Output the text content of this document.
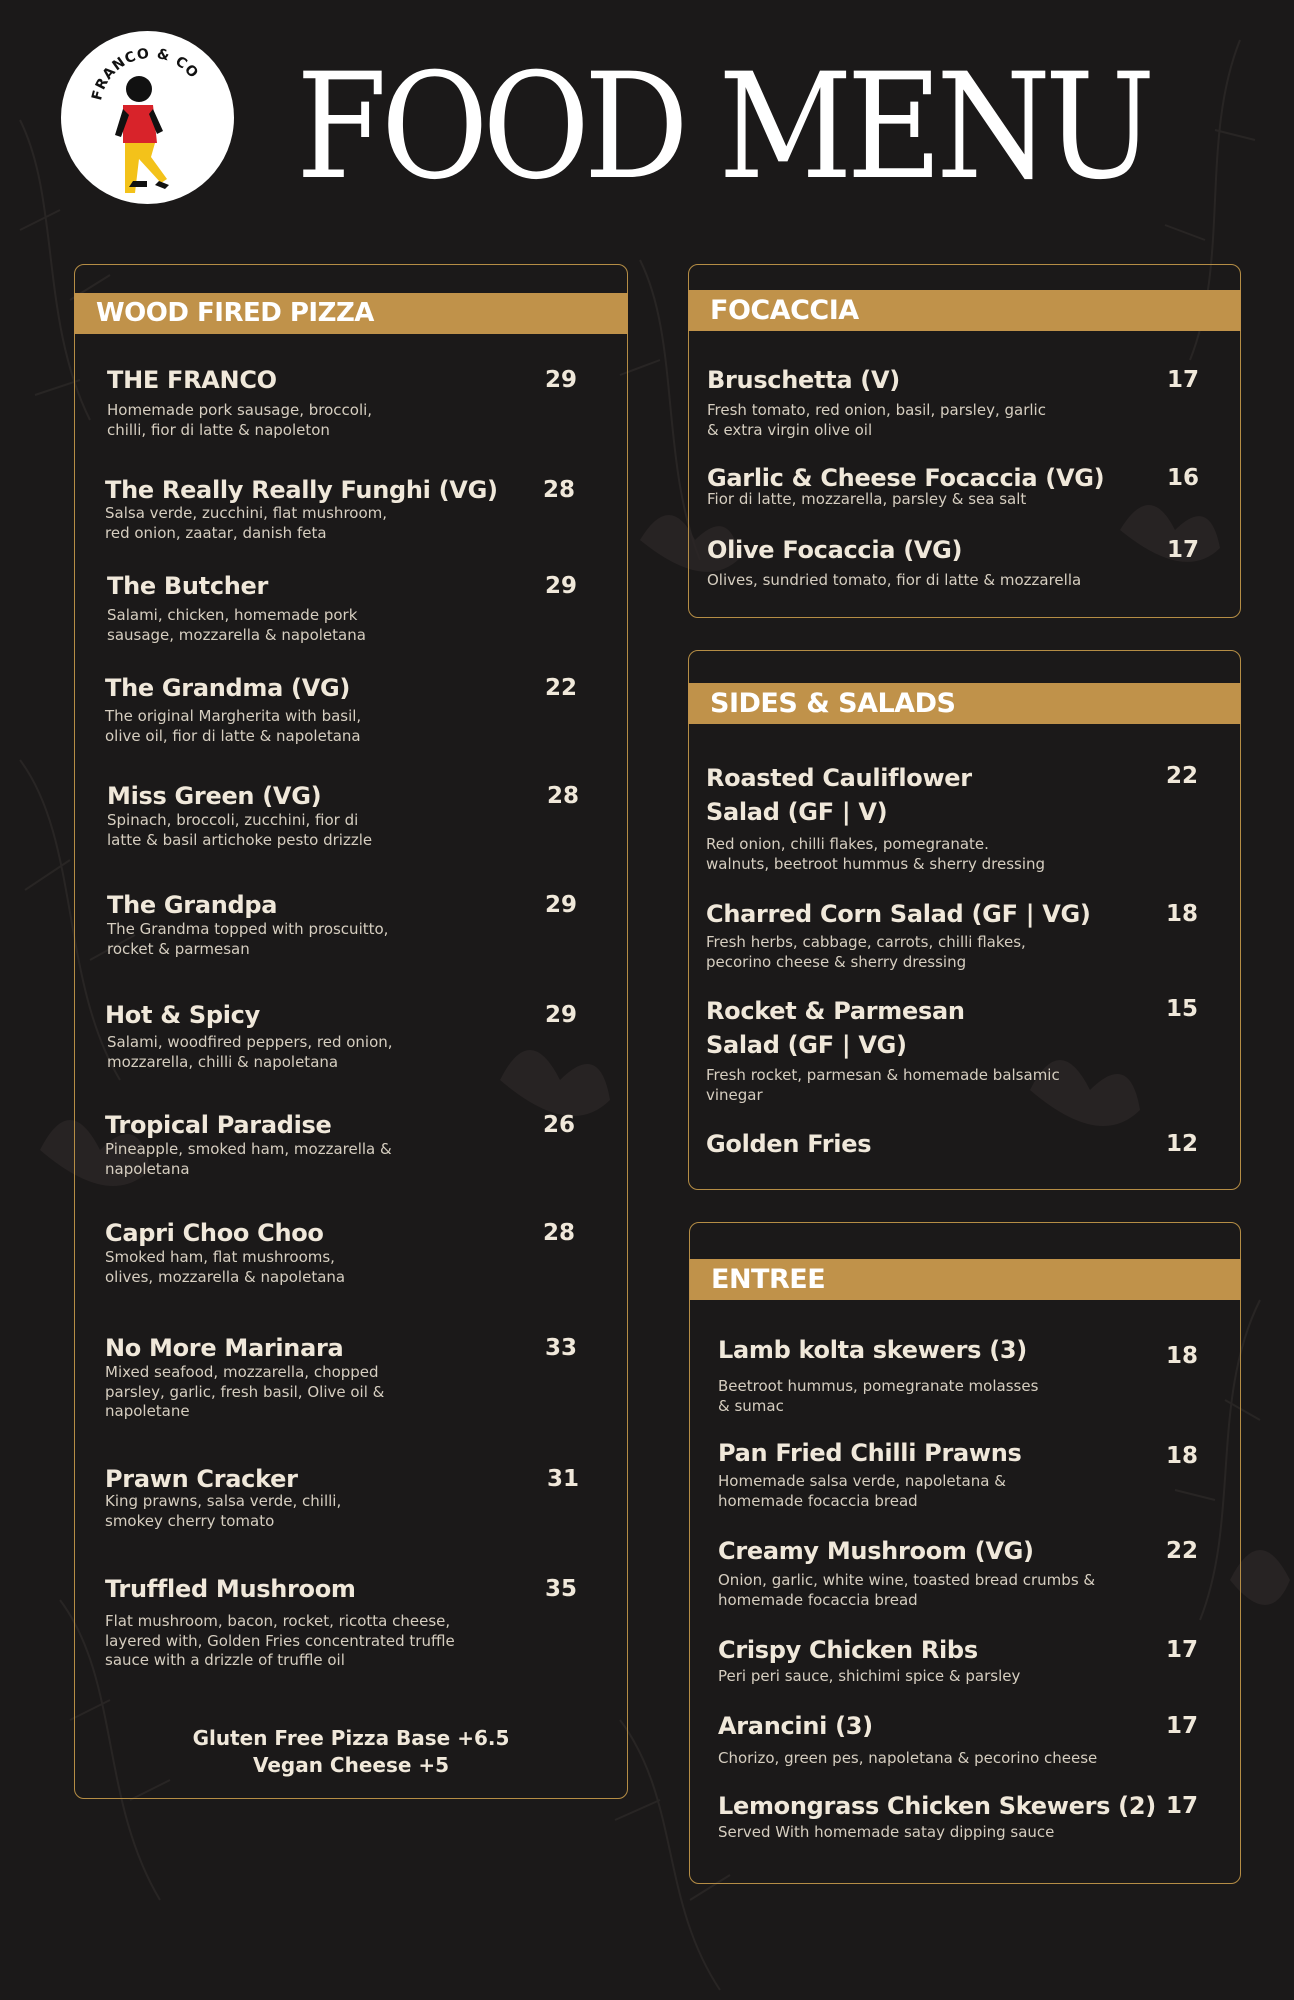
FRANCO & CO FOOD MENU
WOOD FIRED PIZZA
THE FRANCO
Homemade pork sausage, broccoli, chilli, fior di latte & napoleton
29
The Really Really Funghi (VG)
Salsa verde, zucchini, flat mushroom, red onion, zaatar, danish feta
28
The Butcher
Salami, chicken, homemade pork sausage, mozzarella & napoletana
29
The Grandma (VG)
The original Margherita with basil, olive oil, fior di latte & napoletana
22
Miss Green (VG)
Spinach, broccoli, zucchini, fior di latte & basil artichoke pesto drizzle
28
The Grandpa
The Grandma topped with proscuitto, rocket & parmesan
29
Hot & Spicy
Salami, woodfired peppers, red onion, mozzarella, chilli & napoletana
29
Tropical Paradise
Pineapple, smoked ham, mozzarella & napoletana
26
Capri Choo Choo
Smoked ham, flat mushrooms, olives, mozzarella & napoletana
28
No More Marinara
Mixed seafood, mozzarella, chopped parsley, garlic, fresh basil, Olive oil & napoletane
33
Prawn Cracker
King prawns, salsa verde, chilli, smokey cherry tomato
31
Truffled Mushroom
Flat mushroom, bacon, rocket, ricotta cheese, layered with, Golden Fries concentrated truffle sauce with a drizzle of truffle oil
35
Gluten Free Pizza Base +6.5
Vegan Cheese +5
FOCACCIA
Bruschetta (V)
Fresh tomato, red onion, basil, parsley, garlic & extra virgin olive oil
17
Garlic & Cheese Focaccia (VG)
Fior di latte, mozzarella, parsley & sea salt
16
Olive Focaccia (VG)
Olives, sundried tomato, fior di latte & mozzarella
17
SIDES & SALADS
Roasted Cauliflower Salad (GF | V)
Red onion, chilli flakes, pomegranate. walnuts, beetroot hummus & sherry dressing
22
Charred Corn Salad (GF | VG)
Fresh herbs, cabbage, carrots, chilli flakes, pecorino cheese & sherry dressing
18
Rocket & Parmesan Salad (GF | VG)
Fresh rocket, parmesan & homemade balsamic vinegar
15
Golden Fries	12
ENTREE
Lamb kolta skewers (3)
Beetroot hummus, pomegranate molasses & sumac
18
Pan Fried Chilli Prawns
Homemade salsa verde, napoletana & homemade focaccia bread
18
Creamy Mushroom (VG)
Onion, garlic, white wine, toasted bread crumbs & homemade focaccia bread
22
Crispy Chicken Ribs
Peri peri sauce, shichimi spice & parsley
17
Arancini (3)
Chorizo, green pes, napoletana & pecorino cheese
17
Lemongrass Chicken Skewers (2)
Served With homemade satay dipping sauce
17
